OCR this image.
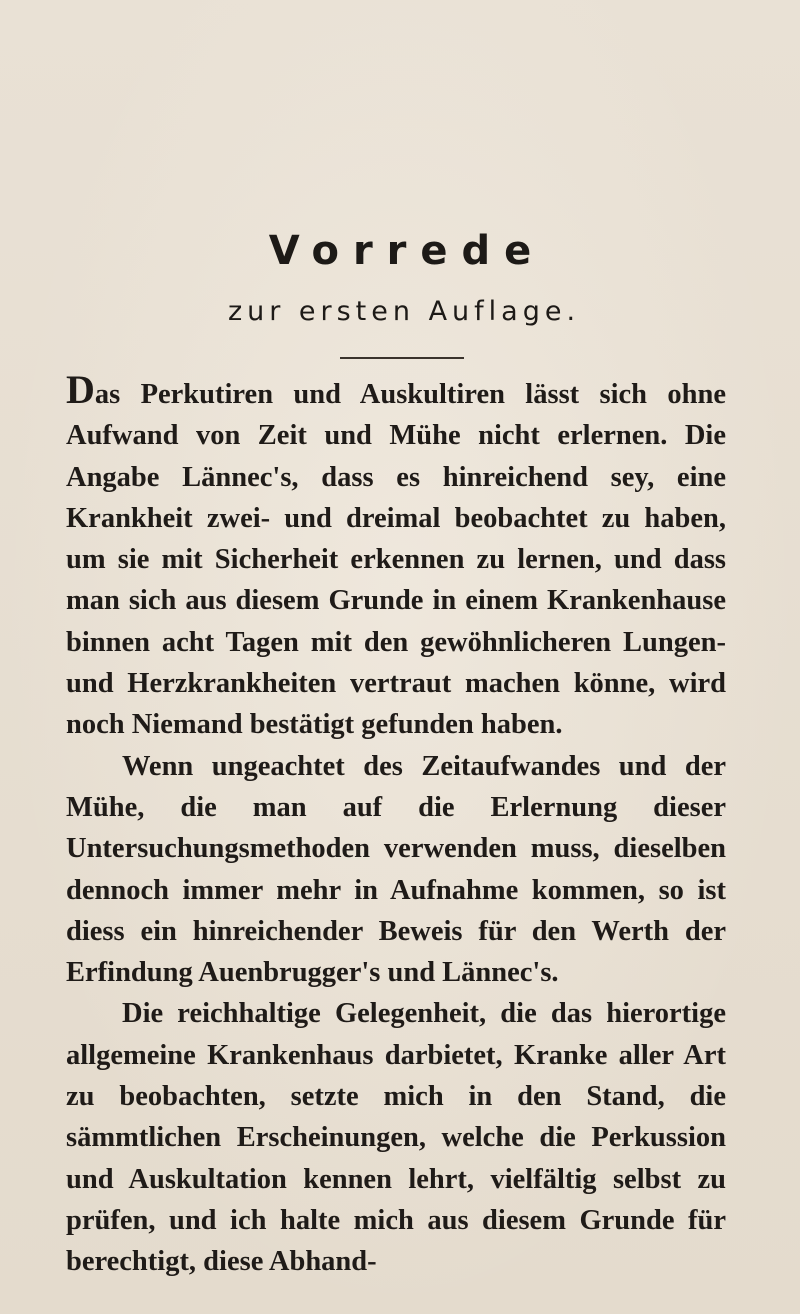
Vorrede
zur ersten Auflage.

Das Perkutiren und Auskultiren lässt sich ohne Aufwand von Zeit und Mühe nicht erlernen. Die Angabe Lännec's, dass es hinreichend sey, eine Krankheit zwei- und dreimal beobachtet zu haben, um sie mit Sicherheit erkennen zu lernen, und dass man sich aus diesem Grunde in einem Krankenhause binnen acht Tagen mit den gewöhnlicheren Lungen- und Herzkrankheiten vertraut machen könne, wird noch Niemand bestätigt gefunden haben.

Wenn ungeachtet des Zeitaufwandes und der Mühe, die man auf die Erlernung dieser Untersuchungsmethoden verwenden muss, dieselben dennoch immer mehr in Aufnahme kommen, so ist diess ein hinreichender Beweis für den Werth der Erfindung Auenbrugger's und Lännec's.

Die reichhaltige Gelegenheit, die das hierortige allgemeine Krankenhaus darbietet, Kranke aller Art zu beobachten, setzte mich in den Stand, die sämmtlichen Erscheinungen, welche die Perkussion und Auskultation kennen lehrt, vielfältig selbst zu prüfen, und ich halte mich aus diesem Grunde für berechtigt, diese Abhand-
